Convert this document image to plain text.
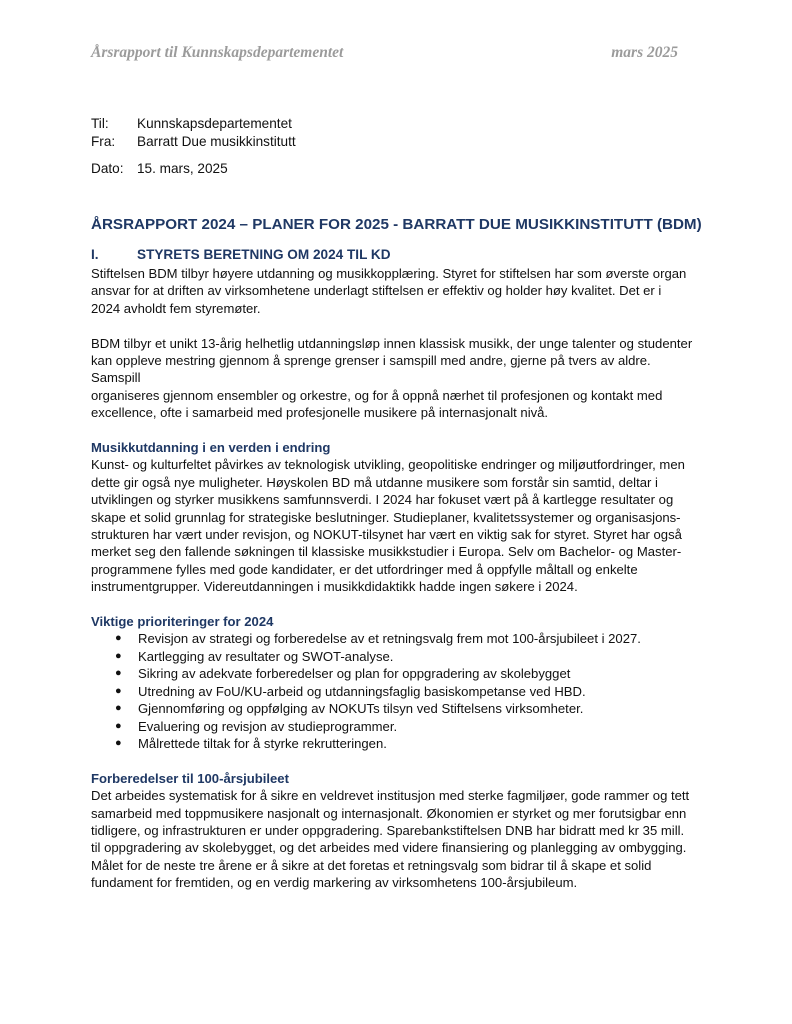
Årsrapport til Kunnskapsdepartementet	mars 2025
Til: Kunnskapsdepartementet
Fra: Barratt Due musikkinstitutt
Dato: 15. mars, 2025
ÅRSRAPPORT 2024 – PLANER FOR 2025 - BARRATT DUE MUSIKKINSTITUTT (BDM)
I.	STYRETS BERETNING OM 2024 TIL KD

Stiftelsen BDM tilbyr høyere utdanning og musikkopplæring. Styret for stiftelsen har som øverste organ
ansvar for at driften av virksomhetene underlagt stiftelsen er effektiv og holder høy kvalitet. Det er i
2024 avholdt fem styremøter.

BDM tilbyr et unikt 13-årig helhetlig utdanningsløp innen klassisk musikk, der unge talenter og studenter
kan oppleve mestring gjennom å sprenge grenser i samspill med andre, gjerne på tvers av aldre. Samspill
organiseres gjennom ensembler og orkestre, og for å oppnå nærhet til profesjonen og kontakt med
excellence, ofte i samarbeid med profesjonelle musikere på internasjonalt nivå.

Musikkutdanning i en verden i endring

Kunst- og kulturfeltet påvirkes av teknologisk utvikling, geopolitiske endringer og miljøutfordringer, men
dette gir også nye muligheter. Høyskolen BD må utdanne musikere som forstår sin samtid, deltar i
utviklingen og styrker musikkens samfunnsverdi. I 2024 har fokuset vært på å kartlegge resultater og
skape et solid grunnlag for strategiske beslutninger. Studieplaner, kvalitetssystemer og organisasjons-
strukturen har vært under revisjon, og NOKUT-tilsynet har vært en viktig sak for styret. Styret har også
merket seg den fallende søkningen til klassiske musikkstudier i Europa. Selv om Bachelor- og Master-
programmene fylles med gode kandidater, er det utfordringer med å oppfylle måltall og enkelte
instrumentgrupper. Videreutdanningen i musikkdidaktikk hadde ingen søkere i 2024.

Viktige prioriteringer for 2024
● Revisjon av strategi og forberedelse av et retningsvalg frem mot 100-årsjubileet i 2027.
● Kartlegging av resultater og SWOT-analyse.
● Sikring av adekvate forberedelser og plan for oppgradering av skolebygget
● Utredning av FoU/KU-arbeid og utdanningsfaglig basiskompetanse ved HBD.
● Gjennomføring og oppfølging av NOKUTs tilsyn ved Stiftelsens virksomheter.
● Evaluering og revisjon av studieprogrammer.
● Målrettede tiltak for å styrke rekrutteringen.
Forberedelser til 100-årsjubileet

Det arbeides systematisk for å sikre en veldrevet institusjon med sterke fagmiljøer, gode rammer og tett
samarbeid med toppmusikere nasjonalt og internasjonalt. Økonomien er styrket og mer forutsigbar enn
tidligere, og infrastrukturen er under oppgradering. Sparebankstiftelsen DNB har bidratt med kr 35 mill.
til oppgradering av skolebygget, og det arbeides med videre finansiering og planlegging av ombygging.
Målet for de neste tre årene er å sikre at det foretas et retningsvalg som bidrar til å skape et solid
fundament for fremtiden, og en verdig markering av virksomhetens 100-årsjubileum.
